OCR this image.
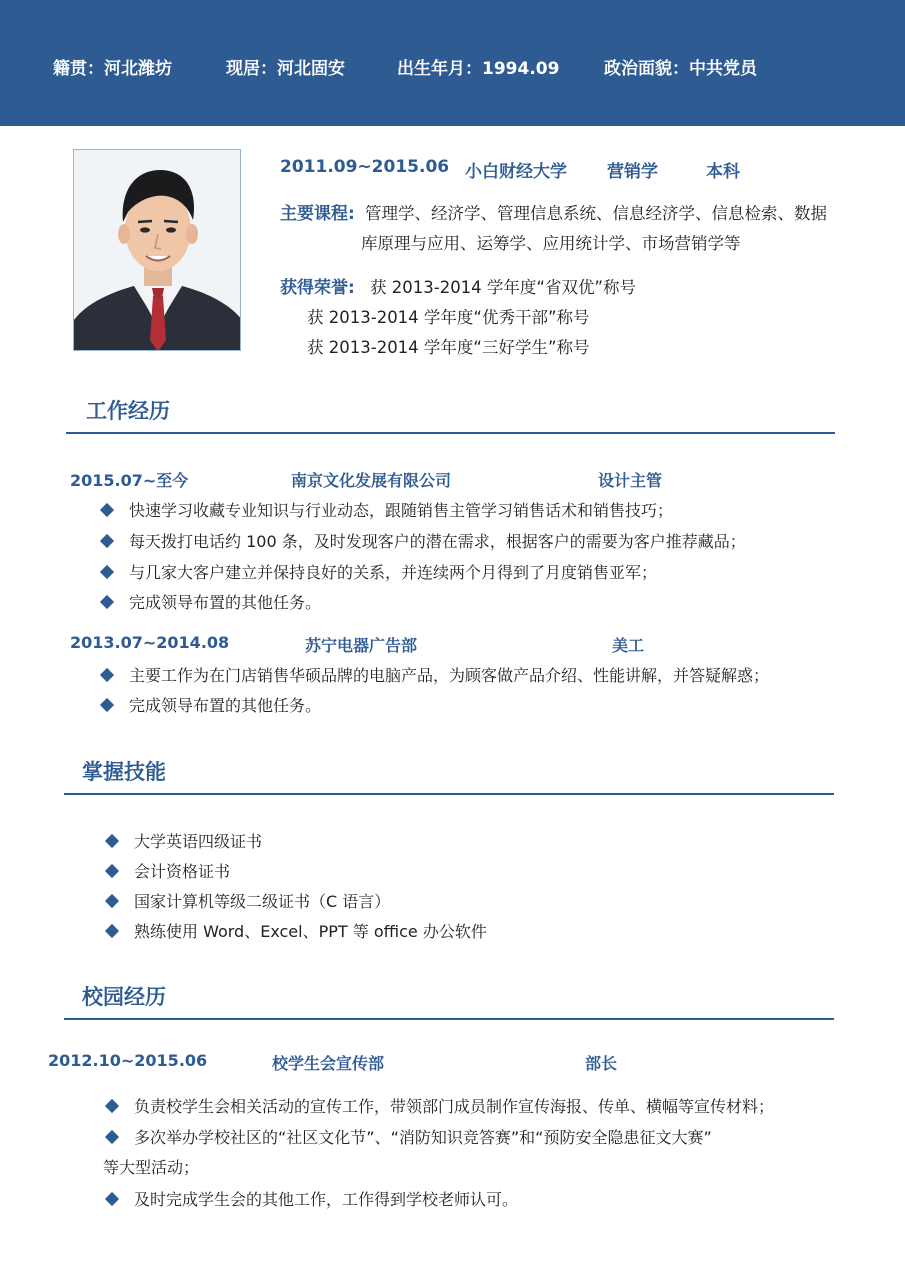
籍贯：河北潍坊	现居：河北固安	出生年月：1994.09	政治面貌：中共党员
2011.09~2015.06 小白财经大学 营销学	本科
主要课程: 管理学、经济学、管理信息系统、信息经济学、信息检索、数据
库原理与应用、运筹学、应用统计学、市场营销学等
获得荣誉: 获 2013-2014 学年度“省双优”称号
获 2013-2014 学年度“优秀干部”称号
获 2013-2014 学年度“三好学生”称号
工作经历
2015.07~至今	南京文化发展有限公司	设计主管
快速学习收藏专业知识与行业动态，跟随销售主管学习销售话术和销售技巧；
每天拨打电话约 100 条，及时发现客户的潜在需求，根据客户的需要为客户推荐藏品；
与几家大客户建立并保持良好的关系，并连续两个月得到了月度销售亚军；
完成领导布置的其他任务。
2013.07~2014.08	苏宁电器广告部	美工
主要工作为在门店销售华硕品牌的电脑产品，为顾客做产品介绍、性能讲解，并答疑解惑；
完成领导布置的其他任务。
掌握技能
大学英语四级证书
会计资格证书
国家计算机等级二级证书（C 语言）
熟练使用 Word、Excel、PPT 等 office 办公软件
校园经历
2012.10~2015.06	校学生会宣传部	部长
负责校学生会相关活动的宣传工作，带领部门成员制作宣传海报、传单、横幅等宣传材料；
多次举办学校社区的“社区文化节”、“消防知识竞答赛”和“预防安全隐患征文大赛”
等大型活动；
及时完成学生会的其他工作，工作得到学校老师认可。
